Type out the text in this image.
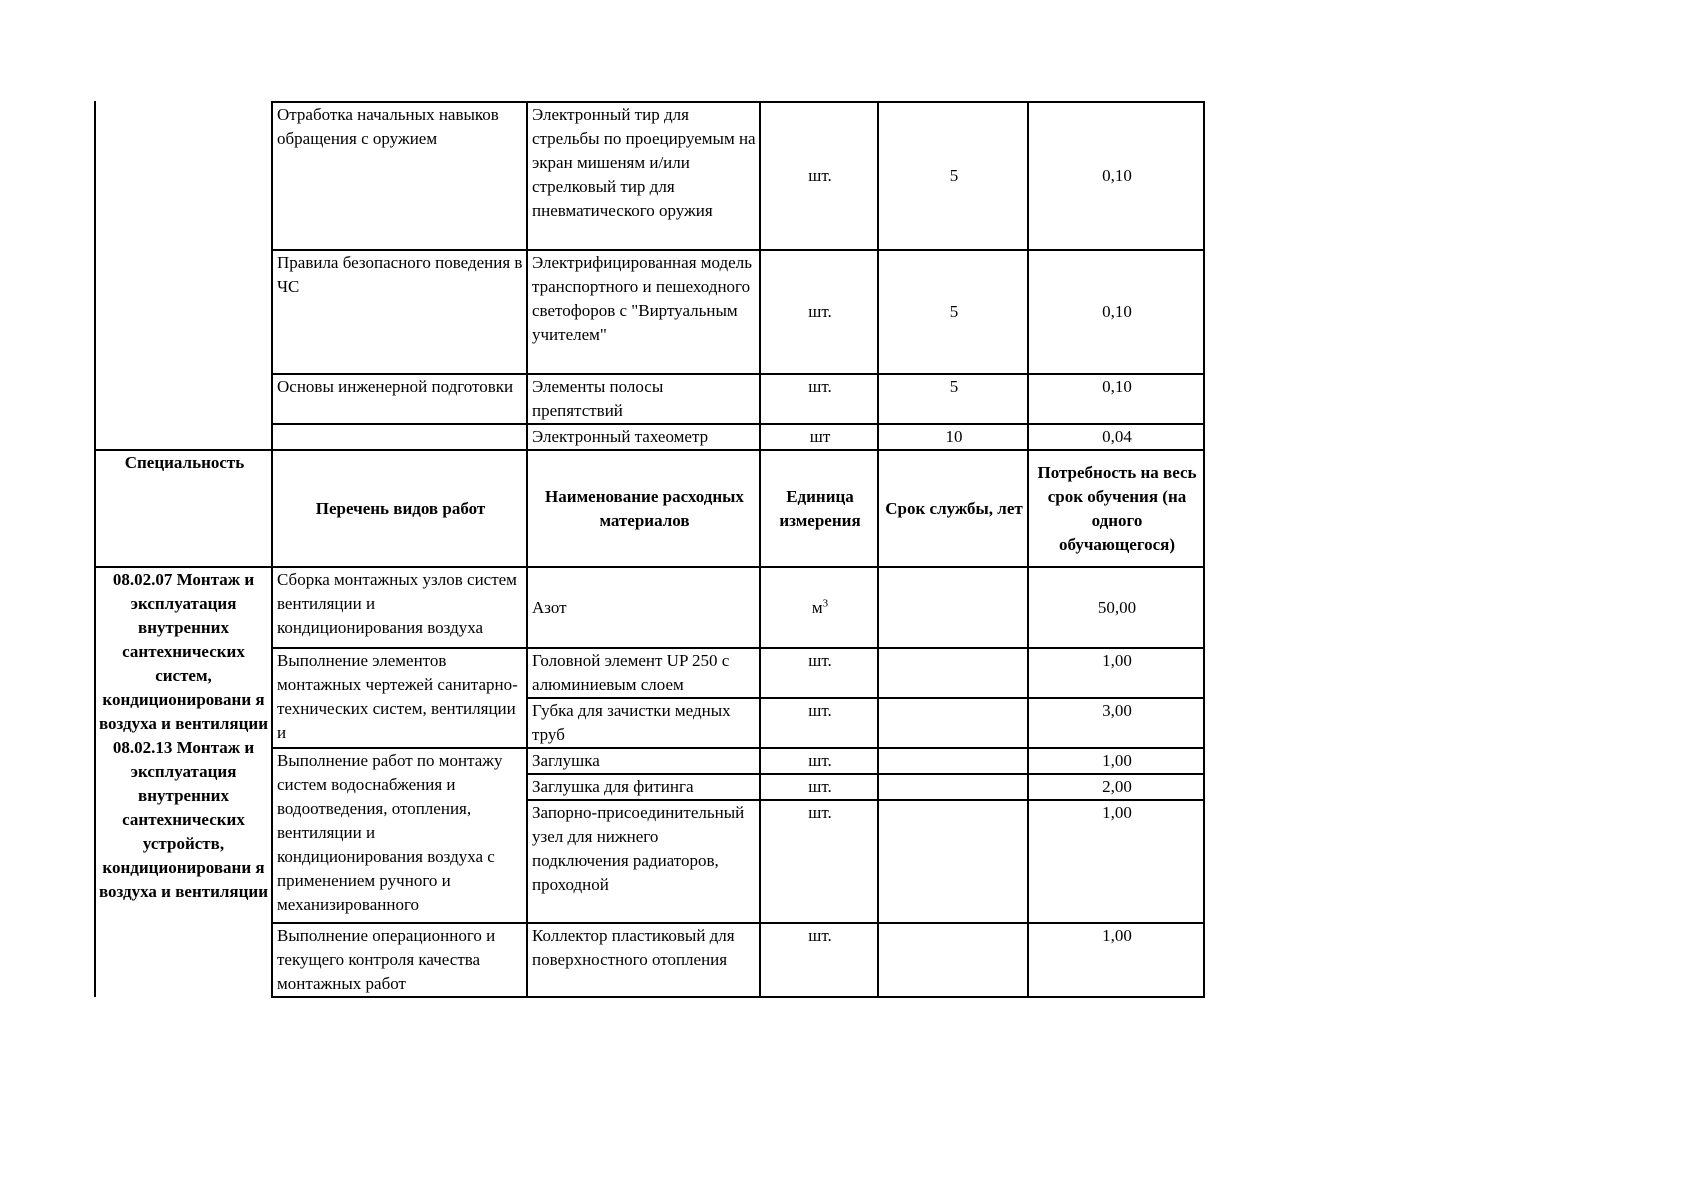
	Отработка начальных навыков обращения с оружием	Электронный тир для стрельбы по проецируемым на экран мишеням и/или стрелковый тир для пневматического оружия	шт.	5	0,10
	Правила безопасного поведения в ЧС	Электрифицированная модель транспортного и пешеходного светофоров с "Виртуальным учителем"	шт.	5	0,10
	Основы инженерной подготовки	Элементы полосы препятствий	шт.	5	0,10
		Электронный тахеометр	шт	10	0,04
Специальность	Перечень видов работ	Наименование расходных материалов	Единица измерения	Срок службы, лет	Потребность на весь срок обучения (на одного обучающегося)
08.02.07 Монтаж и эксплуатация внутренних сантехнических систем, кондиционировани я воздуха и вентиляции 08.02.13 Монтаж и эксплуатация внутренних сантехнических устройств, кондиционировани я воздуха и вентиляции	Сборка монтажных узлов систем вентиляции и кондиционирования воздуха	Азот	$м^3$		50,00
	Выполнение элементов монтажных чертежей санитарно-технических систем, вентиляции и	Головной элемент UP 250 с алюминиевым слоем	шт.		1,00
		Губка для зачистки медных труб	шт.		3,00
	Выполнение работ по монтажу систем водоснабжения и водоотведения, отопления, вентиляции и кондиционирования воздуха с применением ручного и механизированного	Заглушка	шт.		1,00
		Заглушка для фитинга	шт.		2,00
		Запорно-присоединительный узел для нижнего подключения радиаторов, проходной	шт.		1,00
	Выполнение операционного и текущего контроля качества монтажных работ	Коллектор пластиковый для поверхностного отопления	шт.		1,00
